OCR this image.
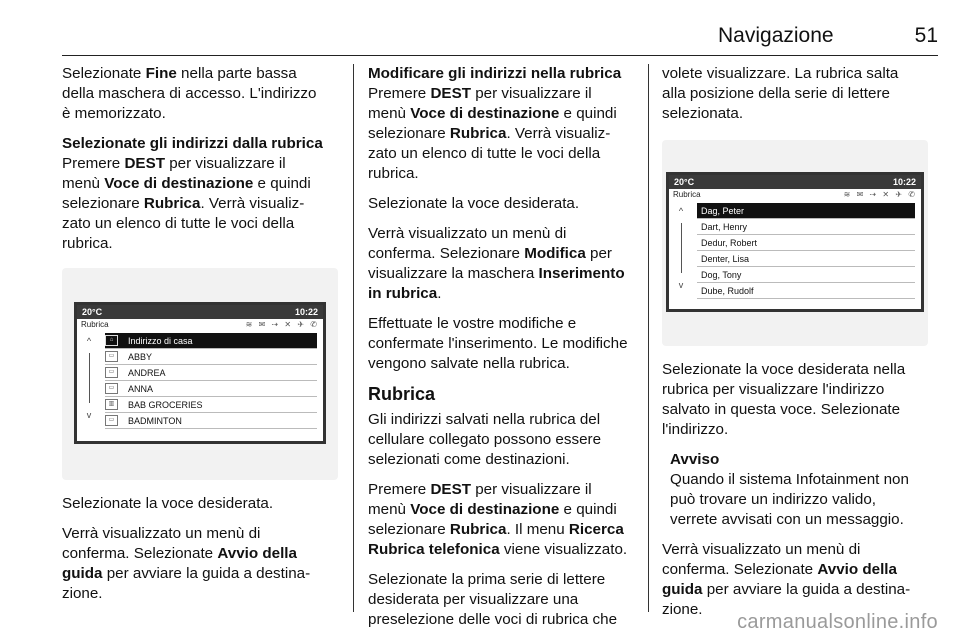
Navigazione	51

Selezionate Fine nella parte bassa della maschera di accesso. L'indirizzo è memorizzato.

Selezionate gli indirizzi dalla rubrica

Premere DEST per visualizzare il menù Voce di destinazione e quindi selezionare Rubrica. Verrà visualizzato un elenco di tutte le voci della rubrica.

20°C	10:22
Rubrica	≋ ✉ ⇢ ✕ ✈ ✆
^
v
⌂	Indirizzo di casa
▭	ABBY
▭	ANDREA
▭	ANNA
▥	BAB GROCERIES
▭	BADMINTON

Selezionate la voce desiderata.

Verrà visualizzato un menù di conferma. Selezionate Avvio della guida per avviare la guida a destinazione.

Modificare gli indirizzi nella rubrica

Premere DEST per visualizzare il menù Voce di destinazione e quindi selezionare Rubrica. Verrà visualizzato un elenco di tutte le voci della rubrica.

Selezionate la voce desiderata.

Verrà visualizzato un menù di conferma. Selezionare Modifica per visualizzare la maschera Inserimento in rubrica.

Effettuate le vostre modifiche e confermate l'inserimento. Le modifiche vengono salvate nella rubrica.

Rubrica

Gli indirizzi salvati nella rubrica del cellulare collegato possono essere selezionati come destinazioni.

Premere DEST per visualizzare il menù Voce di destinazione e quindi selezionare Rubrica. Il menu Ricerca Rubrica telefonica viene visualizzato.

Selezionate la prima serie di lettere desiderata per visualizzare una preselezione delle voci di rubrica che

volete visualizzare. La rubrica salta alla posizione della serie di lettere selezionata.

20°C	10:22
Rubrica	≋ ✉ ⇢ ✕ ✈ ✆
^
v
Dag, Peter
Dart, Henry
Dedur, Robert
Denter, Lisa
Dog, Tony
Dube, Rudolf

Selezionate la voce desiderata nella rubrica per visualizzare l'indirizzo salvato in questa voce. Selezionate l'indirizzo.

Avviso

Quando il sistema Infotainment non può trovare un indirizzo valido, verrete avvisati con un messaggio.

Verrà visualizzato un menù di conferma. Selezionate Avvio della guida per avviare la guida a destinazione.

carmanualsonline.info
